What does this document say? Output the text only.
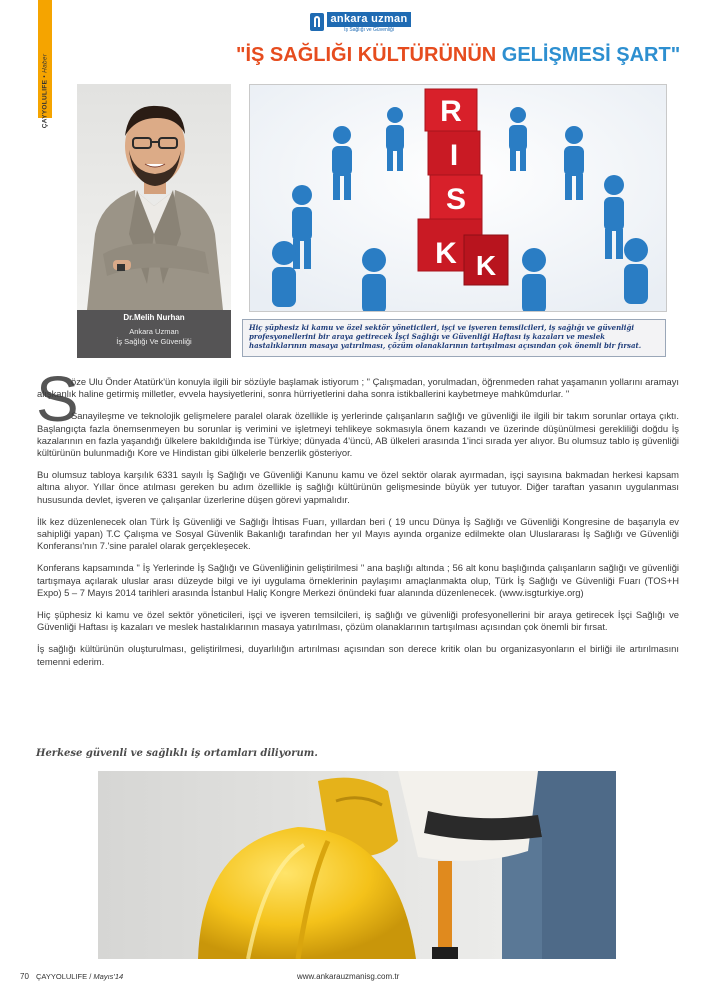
ÇAYYOLULIFE • Haber
ankara uzman
İş Sağlığı ve Güvenliği
"İŞ SAĞLIĞI KÜLTÜRÜNÜN GELİŞMESİ ŞART"
Dr.Melih Nurhan
Ankara Uzman
İş Sağlığı Ve Güvenliği
R
I
S
K K
Hiç şüphesiz ki kamu ve özel sektör yöneticileri, işçi ve işveren temsilcileri, iş sağlığı ve güvenliği profesyonellerini bir araya getirecek İşçi Sağlığı ve Güvenliği Haftası iş kazaları ve meslek hastalıklarının masaya yatırılması, çözüm olanaklarının tartışılması açısından çok önemli bir fırsat.
S

öze Ulu Önder Atatürk'ün konuyla ilgili bir sözüyle başlamak istiyorum ; " Çalışmadan, yorulmadan, öğrenmeden rahat yaşamanın yollarını aramayı alışkanlık haline getirmiş milletler, evvela haysiyetlerini, sonra hürriyetlerini daha sonra istikballerini kaybetmeye mahkûmdurlar. "

Sanayileşme ve teknolojik gelişmelere paralel olarak özellikle iş yerlerinde çalışanların sağlığı ve güvenliği ile ilgili bir takım sorunlar ortaya çıktı. Başlangıçta fazla önemsenmeyen bu sorunlar iş verimini ve işletmeyi tehlikeye sokmasıyla önem kazandı ve üzerinde düşünülmesi gerekliliği doğdu İş kazalarının en fazla yaşandığı ülkelere bakıldığında ise Türkiye; dünyada 4'üncü, AB ülkeleri arasında 1'inci sırada yer alıyor. Bu olumsuz tablo iş güvenliği kültürünün bulunmadığı Kore ve Hindistan gibi ülkelerle benzerlik gösteriyor.

Bu olumsuz tabloya karşılık 6331 sayılı İş Sağlığı ve Güvenliği Kanunu kamu ve özel sektör olarak ayırmadan, işçi sayısına bakmadan herkesi kapsam altına alıyor. Yıllar önce atılması gereken bu adım özellikle iş sağlığı kültürünün gelişmesinde büyük yer tutuyor. Diğer taraftan yasanın uygulanması hususunda devlet, işveren ve çalışanlar üzerlerine düşen görevi yapmalıdır.

İlk kez düzenlenecek olan Türk İş Güvenliği ve Sağlığı İhtisas Fuarı, yıllardan beri ( 19 uncu Dünya İş Sağlığı ve Güvenliği Kongresine de başarıyla ev sahipliği yapan) T.C Çalışma ve Sosyal Güvenlik Bakanlığı tarafından her yıl Mayıs ayında organize edilmekte olan Uluslararası İş Sağlığı ve Güvenliği Konferansı'nın 7.'sine paralel olarak gerçekleşecek.

Konferans kapsamında " İş Yerlerinde İş Sağlığı ve Güvenliğinin geliştirilmesi " ana başlığı altında ; 56 alt konu başlığında çalışanların sağlığı ve güvenliği tartışmaya açılarak uluslar arası düzeyde bilgi ve iyi uygulama örneklerinin paylaşımı amaçlanmakta olup, Türk İş Sağlığı ve Güvenliği Fuarı (TOS+H Expo) 5 – 7 Mayıs 2014 tarihleri arasında İstanbul Haliç Kongre Merkezi önündeki fuar alanında düzenlenecek. (www.isgturkiye.org)

Hiç şüphesiz ki kamu ve özel sektör yöneticileri, işçi ve işveren temsilcileri, iş sağlığı ve güvenliği profesyonellerini bir araya getirecek İşçi Sağlığı ve Güvenliği Haftası iş kazaları ve meslek hastalıklarının masaya yatırılması, çözüm olanaklarının tartışılması açısından çok önemli bir fırsat.

İş sağlığı kültürünün oluşturulması, geliştirilmesi, duyarlılığın artırılması açısından son derece kritik olan bu organizasyonların el birliği ile artırılmasını temenni ederim.

Herkese güvenli ve sağlıklı iş ortamları diliyorum.
70 ÇAYYOLULIFE / Mayıs'14	www.ankarauzmanisg.com.tr
